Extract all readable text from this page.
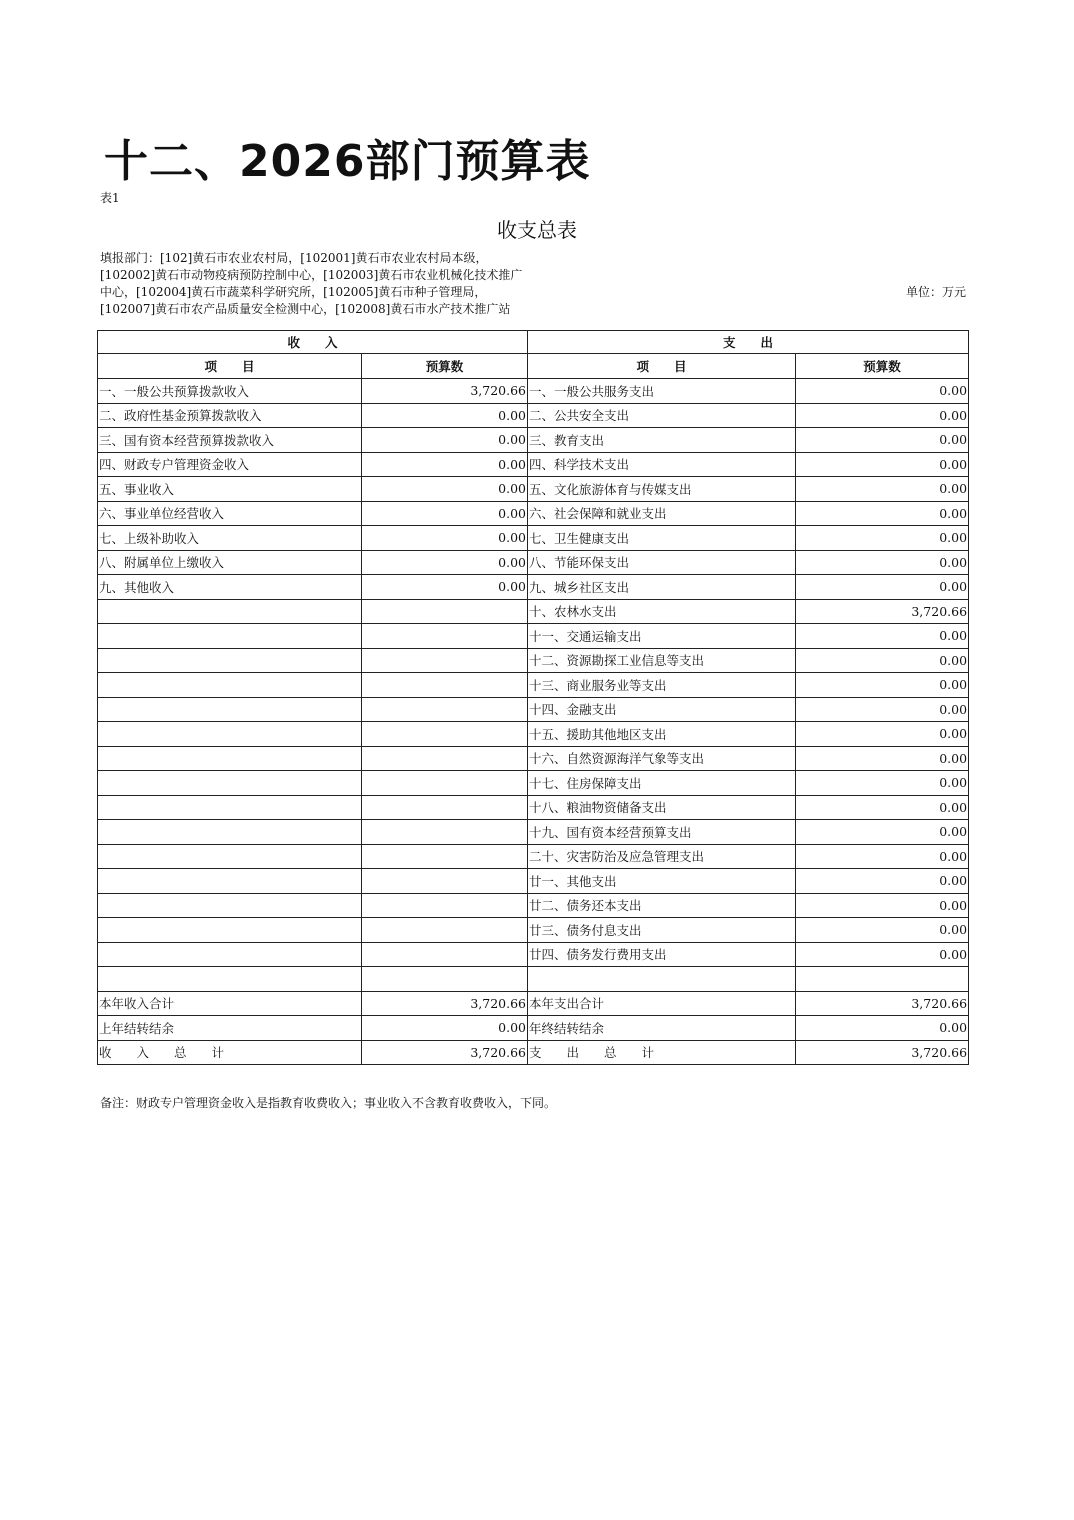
十二、2026部门预算表
表1
收支总表
填报部门：[102]黄石市农业农村局，[102001]黄石市农业农村局本级，[102002]黄石市动物疫病预防控制中心，[102003]黄石市农业机械化技术推广中心，[102004]黄石市蔬菜科学研究所，[102005]黄石市种子管理局，[102007]黄石市农产品质量安全检测中心，[102008]黄石市水产技术推广站
单位：万元
收　　入		支　　出	
项　　目	预算数	项　　目	预算数
一、一般公共预算拨款收入	3,720.66	一、一般公共服务支出	0.00
二、政府性基金预算拨款收入	0.00	二、公共安全支出	0.00
三、国有资本经营预算拨款收入	0.00	三、教育支出	0.00
四、财政专户管理资金收入	0.00	四、科学技术支出	0.00
五、事业收入	0.00	五、文化旅游体育与传媒支出	0.00
六、事业单位经营收入	0.00	六、社会保障和就业支出	0.00
七、上级补助收入	0.00	七、卫生健康支出	0.00
八、附属单位上缴收入	0.00	八、节能环保支出	0.00
九、其他收入	0.00	九、城乡社区支出	0.00
		十、农林水支出	3,720.66
		十一、交通运输支出	0.00
		十二、资源勘探工业信息等支出	0.00
		十三、商业服务业等支出	0.00
		十四、金融支出	0.00
		十五、援助其他地区支出	0.00
		十六、自然资源海洋气象等支出	0.00
		十七、住房保障支出	0.00
		十八、粮油物资储备支出	0.00
		十九、国有资本经营预算支出	0.00
		二十、灾害防治及应急管理支出	0.00
		廿一、其他支出	0.00
		廿二、债务还本支出	0.00
		廿三、债务付息支出	0.00
		廿四、债务发行费用支出	0.00

本年收入合计	3,720.66	本年支出合计	3,720.66
上年结转结余	0.00	年终结转结余	0.00
收　　入　　总　　计	3,720.66	支　　出　　总　　计	3,720.66
备注：财政专户管理资金收入是指教育收费收入；事业收入不含教育收费收入，下同。
